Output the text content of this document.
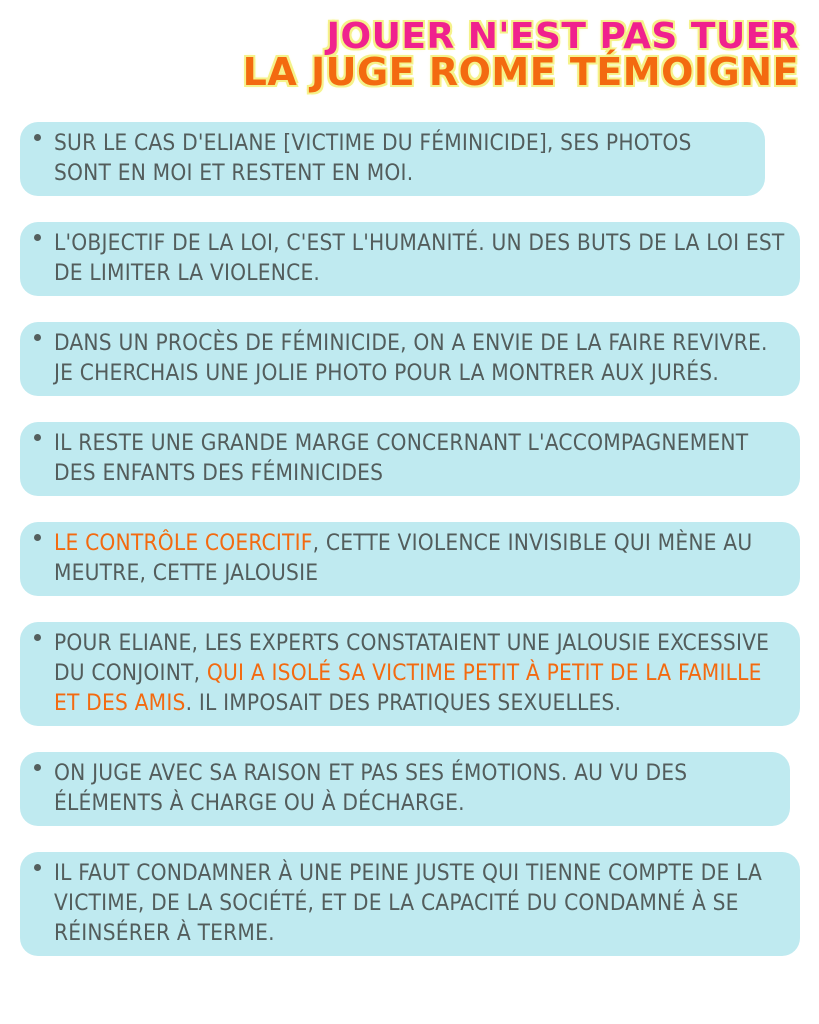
JOUER N'EST PAS TUER
LA JUGE ROME TÉMOIGNE
SUR LE CAS D'ELIANE [VICTIME DU FÉMINICIDE], SES PHOTOS SONT EN MOI ET RESTENT EN MOI.
L'OBJECTIF DE LA LOI, C'EST L'HUMANITÉ. UN DES BUTS DE LA LOI EST DE LIMITER LA VIOLENCE.
DANS UN PROCÈS DE FÉMINICIDE, ON A ENVIE DE LA FAIRE REVIVRE. JE CHERCHAIS UNE JOLIE PHOTO POUR LA MONTRER AUX JURÉS.
IL RESTE UNE GRANDE MARGE CONCERNANT L'ACCOMPAGNEMENT DES ENFANTS DES FÉMINICIDES
LE CONTRÔLE COERCITIF, CETTE VIOLENCE INVISIBLE QUI MÈNE AU MEUTRE, CETTE JALOUSIE
POUR ELIANE, LES EXPERTS CONSTATAIENT UNE JALOUSIE EXCESSIVE DU CONJOINT, QUI A ISOLÉ SA VICTIME PETIT À PETIT DE LA FAMILLE ET DES AMIS. IL IMPOSAIT DES PRATIQUES SEXUELLES.
ON JUGE AVEC SA RAISON ET PAS SES ÉMOTIONS. AU VU DES ÉLÉMENTS À CHARGE OU À DÉCHARGE.
IL FAUT CONDAMNER À UNE PEINE JUSTE QUI TIENNE COMPTE DE LA VICTIME, DE LA SOCIÉTÉ, ET DE LA CAPACITÉ DU CONDAMNÉ À SE RÉINSÉRER À TERME.
